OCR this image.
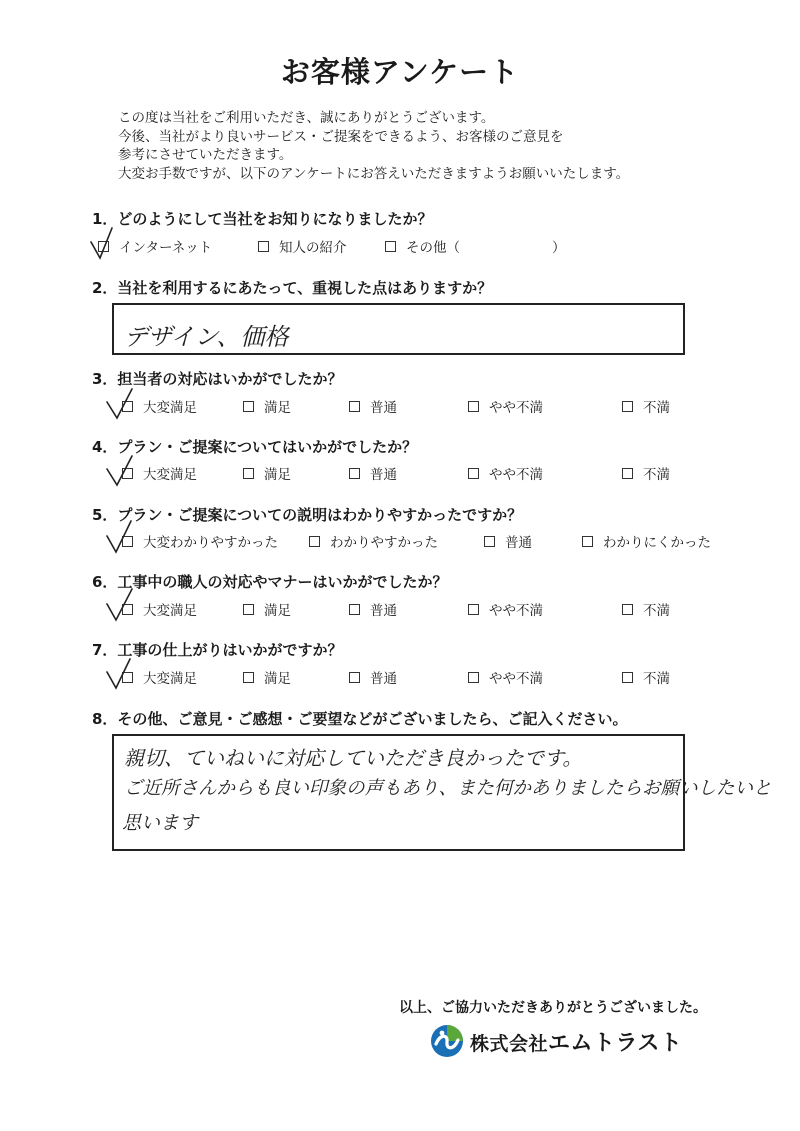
お客様アンケート
この度は当社をご利用いただき、誠にありがとうございます。
今後、当社がより良いサービス・ご提案をできるよう、お客様のご意見を
参考にさせていただきます。
大変お手数ですが、以下のアンケートにお答えいただきますようお願いいたします。
1．どのようにして当社をお知りになりましたか？
インターネット	知人の紹介	その他（	）
2．当社を利用するにあたって、重視した点はありますか？
デザイン、価格
3．担当者の対応はいかがでしたか？
大変満足	満足	普通	やや不満	不満
4．プラン・ご提案についてはいかがでしたか？
大変満足	満足	普通	やや不満	不満
5．プラン・ご提案についての説明はわかりやすかったですか？
大変わかりやすかった	わかりやすかった	普通	わかりにくかった
6．工事中の職人の対応やマナーはいかがでしたか？
大変満足	満足	普通	やや不満	不満
7．工事の仕上がりはいかがですか？
大変満足	満足	普通	やや不満	不満
8．その他、ご意見・ご感想・ご要望などがございましたら、ご記入ください。
親切、ていねいに対応していただき良かったです。
ご近所さんからも良い印象の声もあり、また何かありましたらお願いしたいと
思います
以上、ご協力いただきありがとうございました。
株式会社エムトラスト
